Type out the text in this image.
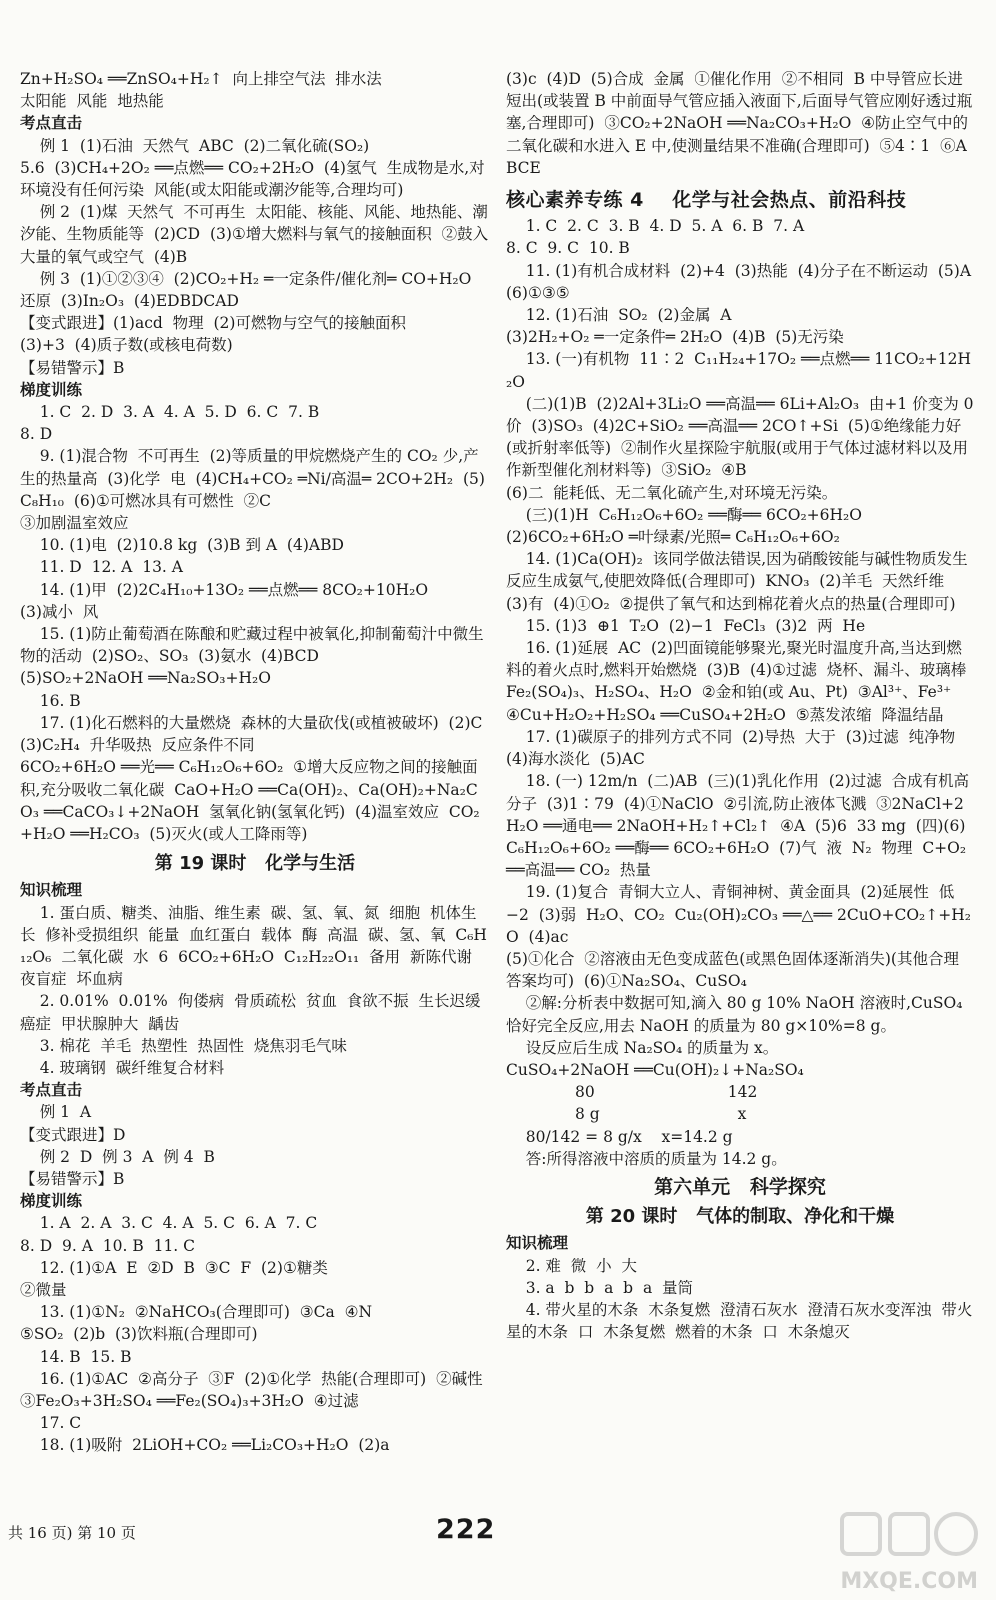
Zn+H₂SO₄ ══ZnSO₄+H₂↑  向上排空气法  排水法
太阳能  风能  地热能
考点直击
例 1  (1)石油  天然气  ABC  (2)二氧化硫(SO₂)
5.6  (3)CH₄+2O₂ ══点燃══ CO₂+2H₂O  (4)氢气  生成物是水,对环境没有任何污染  风能(或太阳能或潮汐能等,合理均可)
例 2  (1)煤  天然气  不可再生  太阳能、核能、风能、地热能、潮汐能、生物质能等  (2)CD  (3)①增大燃料与氧气的接触面积  ②鼓入大量的氧气或空气  (4)B
例 3  (1)①②③④  (2)CO₂+H₂ ═一定条件/催化剂═ CO+H₂O
还原  (3)In₂O₃  (4)EDBDCAD
【变式跟进】(1)acd  物理  (2)可燃物与空气的接触面积
(3)+3  (4)质子数(或核电荷数)
【易错警示】B
梯度训练
1. C  2. D  3. A  4. A  5. D  6. C  7. B
8. D
9. (1)混合物  不可再生  (2)等质量的甲烷燃烧产生的 CO₂ 少,产生的热量高  (3)化学  电  (4)CH₄+CO₂ ═Ni/高温═ 2CO+2H₂  (5)C₈H₁₀  (6)①可燃冰具有可燃性  ②C
③加剧温室效应
10. (1)电  (2)10.8 kg  (3)B 到 A  (4)ABD
11. D  12. A  13. A
14. (1)甲  (2)2C₄H₁₀+13O₂ ══点燃══ 8CO₂+10H₂O
(3)减小  风
15. (1)防止葡萄酒在陈酿和贮藏过程中被氧化,抑制葡萄汁中微生物的活动  (2)SO₂、SO₃  (3)氨水  (4)BCD
(5)SO₂+2NaOH ══Na₂SO₃+H₂O
16. B
17. (1)化石燃料的大量燃烧  森林的大量砍伐(或植被破坏)  (2)C  (3)C₂H₄  升华吸热  反应条件不同
6CO₂+6H₂O ══光══ C₆H₁₂O₆+6O₂  ①增大反应物之间的接触面积,充分吸收二氧化碳  CaO+H₂O ══Ca(OH)₂、Ca(OH)₂+Na₂CO₃ ══CaCO₃↓+2NaOH  氢氧化钠(氢氧化钙)  (4)温室效应  CO₂+H₂O ══H₂CO₃  (5)灭火(或人工降雨等)
第 19 课时   化学与生活
知识梳理
1. 蛋白质、糖类、油脂、维生素  碳、氢、氧、氮  细胞  机体生长  修补受损组织  能量  血红蛋白  载体  酶  高温  碳、氢、氧  C₆H₁₂O₆  二氧化碳  水  6  6CO₂+6H₂O  C₁₂H₂₂O₁₁  备用  新陈代谢  夜盲症  坏血病
2. 0.01%  0.01%  佝偻病  骨质疏松  贫血  食欲不振  生长迟缓  癌症  甲状腺肿大  龋齿
3. 棉花  羊毛  热塑性  热固性  烧焦羽毛气味
4. 玻璃钢  碳纤维复合材料
考点直击
例 1  A
【变式跟进】D
例 2  D  例 3  A  例 4  B
【易错警示】B
梯度训练
1. A  2. A  3. C  4. A  5. C  6. A  7. C
8. D  9. A  10. B  11. C
12. (1)①A  E  ②D  B  ③C  F  (2)①糖类
②微量
13. (1)①N₂  ②NaHCO₃(合理即可)  ③Ca  ④N
⑤SO₂  (2)b  (3)饮料瓶(合理即可)
14. B  15. B
16. (1)①AC  ②高分子  ③F  (2)①化学  热能(合理即可)  ②碱性  ③Fe₂O₃+3H₂SO₄ ══Fe₂(SO₄)₃+3H₂O  ④过滤
17. C
18. (1)吸附  2LiOH+CO₂ ══Li₂CO₃+H₂O  (2)a
(3)c  (4)D  (5)合成  金属  ①催化作用  ②不相同  B 中导管应长进短出(或装置 B 中前面导气管应插入液面下,后面导气管应刚好透过瓶塞,合理即可)  ③CO₂+2NaOH ══Na₂CO₃+H₂O  ④防止空气中的二氧化碳和水进入 E 中,使测量结果不准确(合理即可)  ⑤4∶1  ⑥ABCE
核心素养专练 4    化学与社会热点、前沿科技
1. C  2. C  3. B  4. D  5. A  6. B  7. A
8. C  9. C  10. B
11. (1)有机合成材料  (2)+4  (3)热能  (4)分子在不断运动  (5)A  (6)①③⑤
12. (1)石油  SO₂  (2)金属  A
(3)2H₂+O₂ ═一定条件═ 2H₂O  (4)B  (5)无污染
13. (一)有机物  11∶2  C₁₁H₂₄+17O₂ ══点燃══ 11CO₂+12H₂O
(二)(1)B  (2)2Al+3Li₂O ══高温══ 6Li+Al₂O₃  由+1 价变为 0 价  (3)SO₃  (4)2C+SiO₂ ══高温══ 2CO↑+Si  (5)①绝缘能力好(或折射率低等)  ②制作火星探险宇航服(或用于气体过滤材料以及用作新型催化剂材料等)  ③SiO₂  ④B
(6)二  能耗低、无二氧化硫产生,对环境无污染。
(三)(1)H  C₆H₁₂O₆+6O₂ ══酶══ 6CO₂+6H₂O
(2)6CO₂+6H₂O ═叶绿素/光照═ C₆H₁₂O₆+6O₂
14. (1)Ca(OH)₂  该同学做法错误,因为硝酸铵能与碱性物质发生反应生成氨气,使肥效降低(合理即可)  KNO₃  (2)羊毛  天然纤维  (3)有  (4)①O₂  ②提供了氧气和达到棉花着火点的热量(合理即可)
15. (1)3  ⊕1  T₂O  (2)−1  FeCl₃  (3)2  两  He
16. (1)延展  AC  (2)凹面镜能够聚光,聚光时温度升高,当达到燃料的着火点时,燃料开始燃烧  (3)B  (4)①过滤  烧杯、漏斗、玻璃棒  Fe₂(SO₄)₃、H₂SO₄、H₂O  ②金和铂(或 Au、Pt)  ③Al³⁺、Fe³⁺  ④Cu+H₂O₂+H₂SO₄ ══CuSO₄+2H₂O  ⑤蒸发浓缩  降温结晶
17. (1)碳原子的排列方式不同  (2)导热  大于  (3)过滤  纯净物  (4)海水淡化  (5)AC
18. (一) 12m/n  (二)AB  (三)(1)乳化作用  (2)过滤  合成有机高分子  (3)1∶79  (4)①NaClO  ②引流,防止液体飞溅  ③2NaCl+2H₂O ══通电══ 2NaOH+H₂↑+Cl₂↑  ④A  (5)6  33 mg  (四)(6)C₆H₁₂O₆+6O₂ ══酶══ 6CO₂+6H₂O  (7)气  液  N₂  物理  C+O₂ ══高温══ CO₂  热量
19. (1)复合  青铜大立人、青铜神树、黄金面具  (2)延展性  低  −2  (3)弱  H₂O、CO₂  Cu₂(OH)₂CO₃ ══△══ 2CuO+CO₂↑+H₂O  (4)ac
(5)①化合  ②溶液由无色变成蓝色(或黑色固体逐渐消失)(其他合理答案均可)  (6)①Na₂SO₄、CuSO₄
②解:分析表中数据可知,滴入 80 g 10% NaOH 溶液时,CuSO₄ 恰好完全反应,用去 NaOH 的质量为 80 g×10%=8 g。
设反应后生成 Na₂SO₄ 的质量为 x。
CuSO₄+2NaOH ══Cu(OH)₂↓+Na₂SO₄
80                           142
8 g                            x
80/142 = 8 g/x    x=14.2 g
答:所得溶液中溶质的质量为 14.2 g。
第六单元   科学探究
第 20 课时   气体的制取、净化和干燥
知识梳理
2. 难  微  小  大
3. a  b  b  a  b  a  量筒
4. 带火星的木条  木条复燃  澄清石灰水  澄清石灰水变浑浊  带火星的木条  口  木条复燃  燃着的木条  口  木条熄灭
共 16 页) 第 10 页	222
MXQE.COM
